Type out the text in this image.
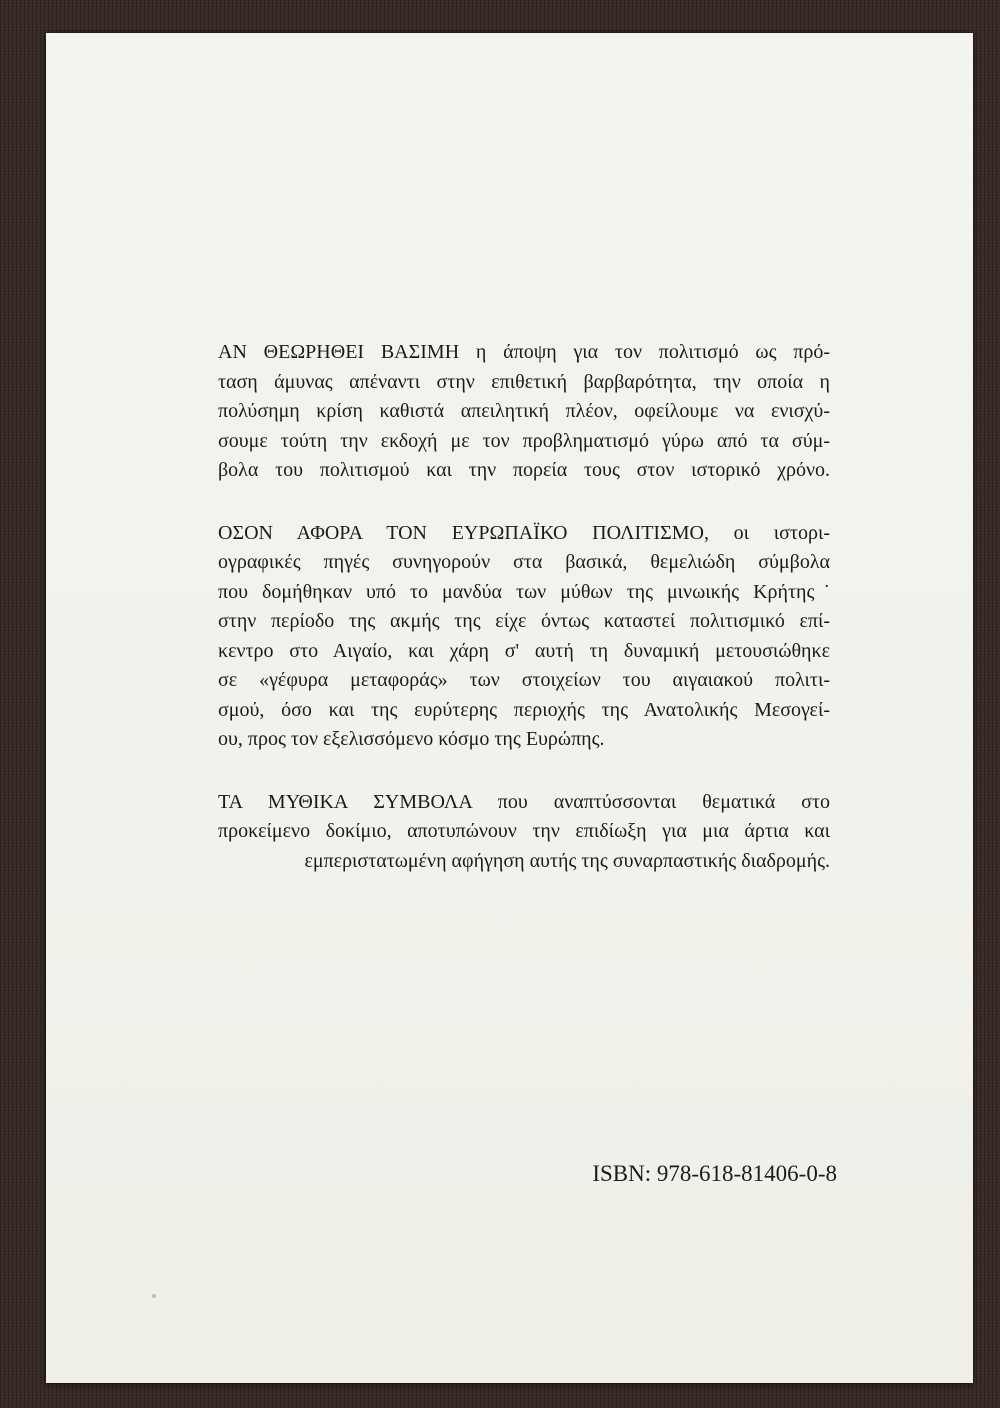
ΑΝ ΘΕΩΡΗΘΕΙ ΒΑΣΙΜΗ η άποψη για τον πολιτισμό ως πρό-
ταση άμυνας απέναντι στην επιθετική βαρβαρότητα, την οποία η
πολύσημη κρίση καθιστά απειλητική πλέον, οφείλουμε να ενισχύ-
σουμε τούτη την εκδοχή με τον προβληματισμό γύρω από τα σύμ-
βολα του πολιτισμού και την πορεία τους στον ιστορικό χρόνο.
ΟΣΟΝ ΑΦΟΡΑ ΤΟΝ ΕΥΡΩΠΑΪΚΟ ΠΟΛΙΤΙΣΜΟ, οι ιστορι-
ογραφικές πηγές συνηγορούν στα βασικά, θεμελιώδη σύμβολα
που δομήθηκαν υπό το μανδύα των μύθων της μινωικής Κρήτης˙
στην περίοδο της ακμής της είχε όντως καταστεί πολιτισμικό επί-
κεντρο στο Αιγαίο, και χάρη σ' αυτή τη δυναμική μετουσιώθηκε
σε «γέφυρα μεταφοράς» των στοιχείων του αιγαιακού πολιτι-
σμού, όσο και της ευρύτερης περιοχής της Ανατολικής Μεσογεί-
ου, προς τον εξελισσόμενο κόσμο της Ευρώπης.
ΤΑ ΜΥΘΙΚΑ ΣΥΜΒΟΛΑ που αναπτύσσονται θεματικά στο
προκείμενο δοκίμιο, αποτυπώνουν την επιδίωξη για μια άρτια και
εμπεριστατωμένη αφήγηση αυτής της συναρπαστικής διαδρομής.
ISBN: 978-618-81406-0-8
